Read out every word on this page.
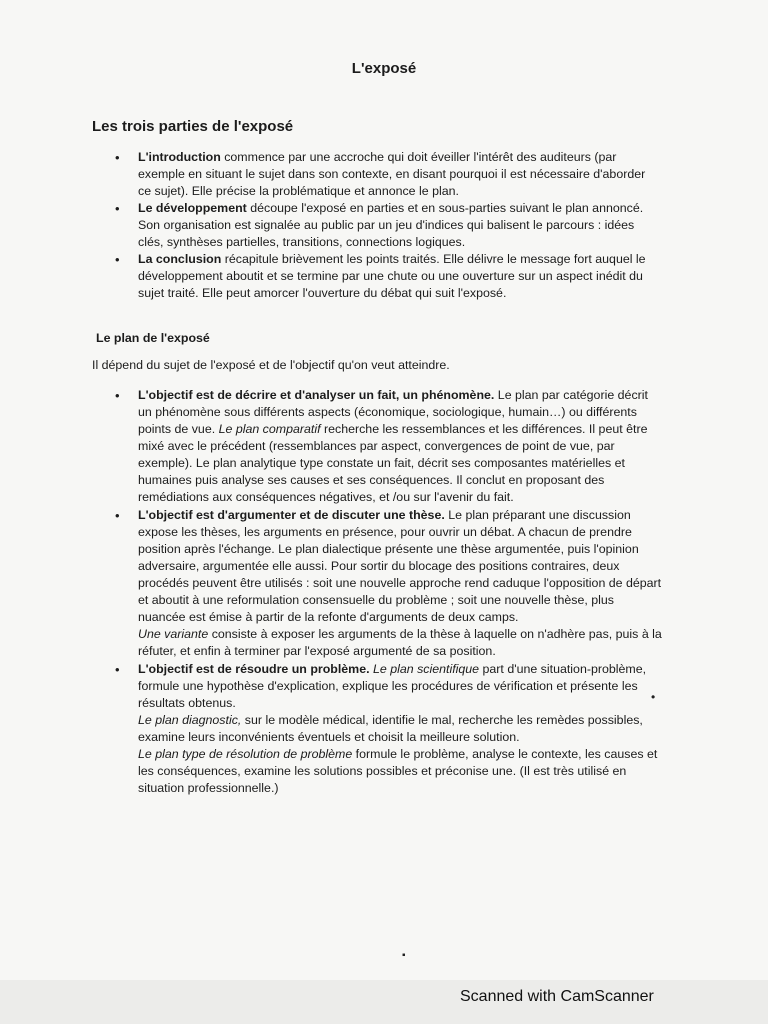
L'exposé
Les trois parties de l'exposé
• L'introduction commence par une accroche qui doit éveiller l'intérêt des auditeurs (par exemple en situant le sujet dans son contexte, en disant pourquoi il est nécessaire d'aborder ce sujet). Elle précise la problématique et annonce le plan.
• Le développement découpe l'exposé en parties et en sous-parties suivant le plan annoncé. Son organisation est signalée au public par un jeu d'indices qui balisent le parcours : idées clés, synthèses partielles, transitions, connections logiques.
• La conclusion récapitule brièvement les points traités. Elle délivre le message fort auquel le développement aboutit et se termine par une chute ou une ouverture sur un aspect inédit du sujet traité. Elle peut amorcer l'ouverture du débat qui suit l'exposé.
Le plan de l'exposé
Il dépend du sujet de l'exposé et de l'objectif qu'on veut atteindre.
• L'objectif est de décrire et d'analyser un fait, un phénomène. Le plan par catégorie décrit un phénomène sous différents aspects (économique, sociologique, humain…) ou différents points de vue. Le plan comparatif recherche les ressemblances et les différences. Il peut être mixé avec le précédent (ressemblances par aspect, convergences de point de vue, par exemple). Le plan analytique type constate un fait, décrit ses composantes matérielles et humaines puis analyse ses causes et ses conséquences. Il conclut en proposant des remédiations aux conséquences négatives, et /ou sur l'avenir du fait.
• L'objectif est d'argumenter et de discuter une thèse. Le plan préparant une discussion expose les thèses, les arguments en présence, pour ouvrir un débat. A chacun de prendre position après l'échange. Le plan dialectique présente une thèse argumentée, puis l'opinion adversaire, argumentée elle aussi. Pour sortir du blocage des positions contraires, deux procédés peuvent être utilisés : soit une nouvelle approche rend caduque l'opposition de départ et aboutit à une reformulation consensuelle du problème ; soit une nouvelle thèse, plus nuancée est émise à partir de la refonte d'arguments de deux camps.
Une variante consiste à exposer les arguments de la thèse à laquelle on n'adhère pas, puis à la réfuter, et enfin à terminer par l'exposé argumenté de sa position.
• L'objectif est de résoudre un problème. Le plan scientifique part d'une situation-problème, formule une hypothèse d'explication, explique les procédures de vérification et présente les résultats obtenus.
Le plan diagnostic, sur le modèle médical, identifie le mal, recherche les remèdes possibles, examine leurs inconvénients éventuels et choisit la meilleure solution.
Le plan type de résolution de problème formule le problème, analyse le contexte, les causes et les conséquences, examine les solutions possibles et préconise une. (Il est très utilisé en situation professionnelle.)
•
▪
Scanned with CamScanner
